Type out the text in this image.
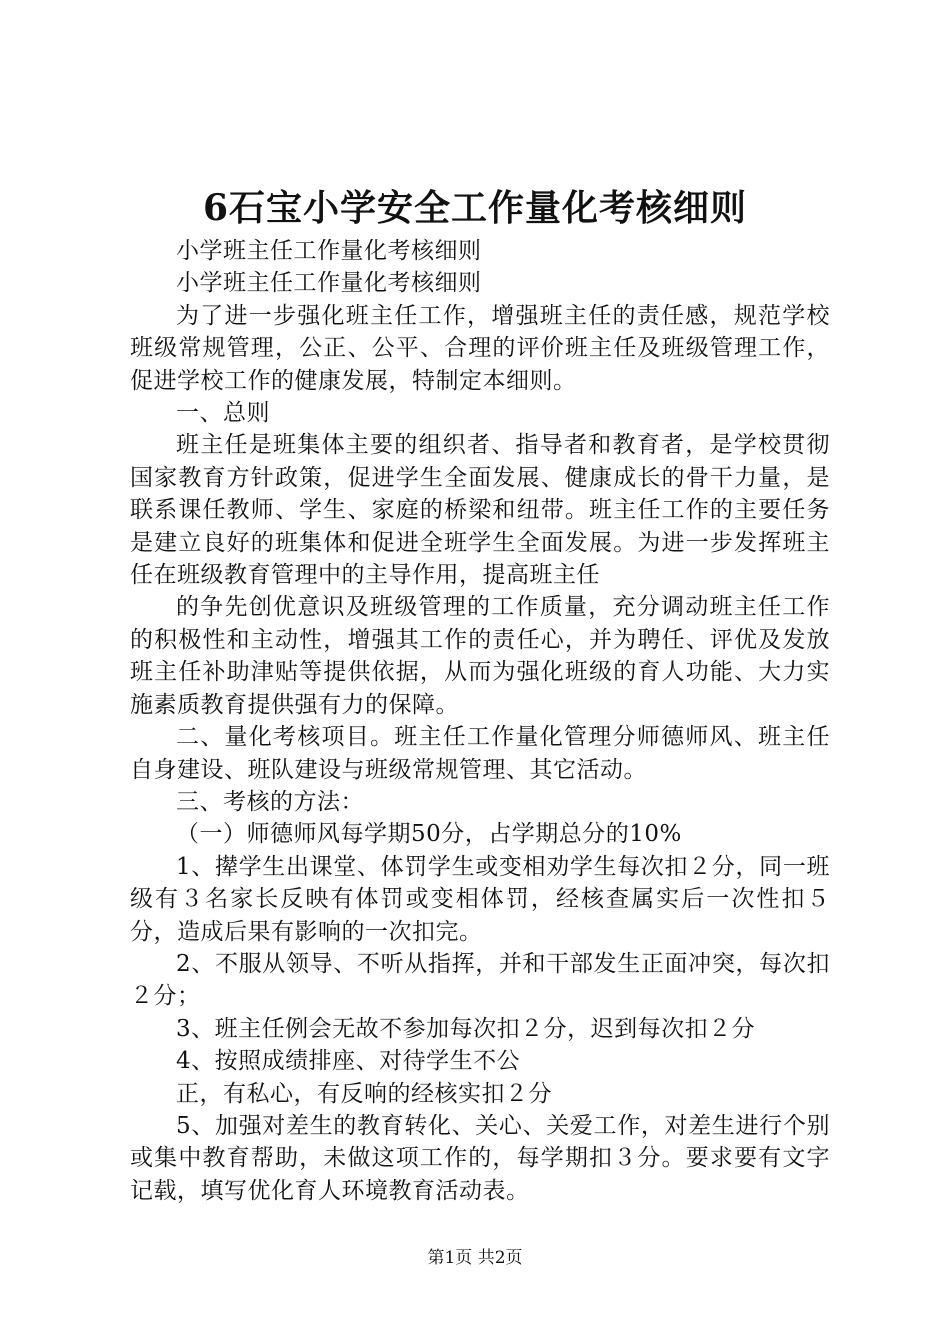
6石宝小学安全工作量化考核细则

小学班主任工作量化考核细则

小学班主任工作量化考核细则

为了进一步强化班主任工作，增强班主任的责任感，规范学校班级常规管理，公正、公平、合理的评价班主任及班级管理工作，促进学校工作的健康发展，特制定本细则。

一、总则

班主任是班集体主要的组织者、指导者和教育者，是学校贯彻国家教育方针政策，促进学生全面发展、健康成长的骨干力量，是联系课任教师、学生、家庭的桥梁和纽带。班主任工作的主要任务是建立良好的班集体和促进全班学生全面发展。为进一步发挥班主任在班级教育管理中的主导作用，提高班主任

的争先创优意识及班级管理的工作质量，充分调动班主任工作的积极性和主动性，增强其工作的责任心，并为聘任、评优及发放班主任补助津贴等提供依据，从而为强化班级的育人功能、大力实施素质教育提供强有力的保障。

二、量化考核项目。班主任工作量化管理分师德师风、班主任自身建设、班队建设与班级常规管理、其它活动。

三、考核的方法：

（一）师德师风每学期50分，占学期总分的10%

1、撵学生出课堂、体罚学生或变相劝学生每次扣２分，同一班级有３名家长反映有体罚或变相体罚，经核查属实后一次性扣５分，造成后果有影响的一次扣完。

2、不服从领导、不听从指挥，并和干部发生正面冲突，每次扣２分；

3、班主任例会无故不参加每次扣２分，迟到每次扣２分

4、按照成绩排座、对待学生不公

正，有私心，有反响的经核实扣２分

5、加强对差生的教育转化、关心、关爱工作，对差生进行个别或集中教育帮助，未做这项工作的，每学期扣３分。要求要有文字记载，填写优化育人环境教育活动表。

第1页 共2页
